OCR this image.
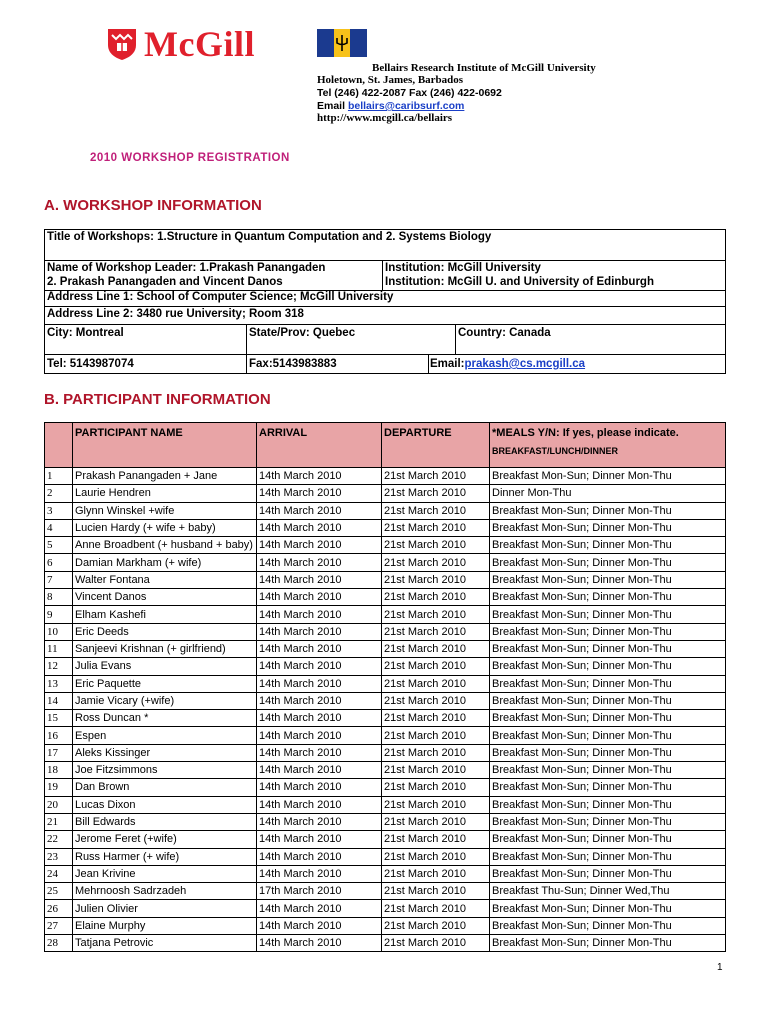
McGill
Bellairs Research Institute of McGill University
Holetown, St. James, Barbados
Tel (246) 422-2087 Fax (246) 422-0692
Email bellairs@caribsurf.com
http://www.mcgill.ca/bellairs
2010 WORKSHOP REGISTRATION
A. WORKSHOP INFORMATION
Title of Workshops: 1.Structure in Quantum Computation and 2. Systems Biology
Name of Workshop Leader: 1.Prakash Panangaden
2. Prakash Panangaden and Vincent Danos
Institution: McGill University
Institution: McGill U. and University of Edinburgh
Address Line 1: School of Computer Science; McGill University
Address Line 2: 3480 rue University; Room 318
City: Montreal	State/Prov: Quebec	Country: Canada
Tel: 5143987074	Fax:5143983883	Email:prakash@cs.mcgill.ca
B. PARTICIPANT INFORMATION
	PARTICIPANT NAME	ARRIVAL	DEPARTURE	*MEALS Y/N: If yes, please indicate.
BREAKFAST/LUNCH/DINNER

1	Prakash Panangaden + Jane	14th March 2010	21st March 2010	Breakfast Mon-Sun; Dinner Mon-Thu
2	Laurie Hendren	14th March 2010	21st March 2010	Dinner Mon-Thu
3	Glynn Winskel +wife	14th March 2010	21st March 2010	Breakfast Mon-Sun; Dinner Mon-Thu
4	Lucien Hardy (+ wife + baby)	14th March 2010	21st March 2010	Breakfast Mon-Sun; Dinner Mon-Thu
5	Anne Broadbent (+ husband + baby)	14th March 2010	21st March 2010	Breakfast Mon-Sun; Dinner Mon-Thu
6	Damian Markham (+ wife)	14th March 2010	21st March 2010	Breakfast Mon-Sun; Dinner Mon-Thu
7	Walter Fontana	14th March 2010	21st March 2010	Breakfast Mon-Sun; Dinner Mon-Thu
8	Vincent Danos	14th March 2010	21st March 2010	Breakfast Mon-Sun; Dinner Mon-Thu
9	Elham Kashefi	14th March 2010	21st March 2010	Breakfast Mon-Sun; Dinner Mon-Thu
10	Eric Deeds	14th March 2010	21st March 2010	Breakfast Mon-Sun; Dinner Mon-Thu
11	Sanjeevi Krishnan (+ girlfriend)	14th March 2010	21st March 2010	Breakfast Mon-Sun; Dinner Mon-Thu
12	Julia Evans	14th March 2010	21st March 2010	Breakfast Mon-Sun; Dinner Mon-Thu
13	Eric Paquette	14th March 2010	21st March 2010	Breakfast Mon-Sun; Dinner Mon-Thu
14	Jamie Vicary (+wife)	14th March 2010	21st March 2010	Breakfast Mon-Sun; Dinner Mon-Thu
15	Ross Duncan *	14th March 2010	21st March 2010	Breakfast Mon-Sun; Dinner Mon-Thu
16	Espen	14th March 2010	21st March 2010	Breakfast Mon-Sun; Dinner Mon-Thu
17	Aleks Kissinger	14th March 2010	21st March 2010	Breakfast Mon-Sun; Dinner Mon-Thu
18	Joe Fitzsimmons	14th March 2010	21st March 2010	Breakfast Mon-Sun; Dinner Mon-Thu
19	Dan Brown	14th March 2010	21st March 2010	Breakfast Mon-Sun; Dinner Mon-Thu
20	Lucas Dixon	14th March 2010	21st March 2010	Breakfast Mon-Sun; Dinner Mon-Thu
21	Bill Edwards	14th March 2010	21st March 2010	Breakfast Mon-Sun; Dinner Mon-Thu
22	Jerome Feret (+wife)	14th March 2010	21st March 2010	Breakfast Mon-Sun; Dinner Mon-Thu
23	Russ Harmer (+ wife)	14th March 2010	21st March 2010	Breakfast Mon-Sun; Dinner Mon-Thu
24	Jean Krivine	14th March 2010	21st March 2010	Breakfast Mon-Sun; Dinner Mon-Thu
25	Mehrnoosh Sadrzadeh	17th March 2010	21st March 2010	Breakfast Thu-Sun; Dinner Wed,Thu
26	Julien Olivier	14th March 2010	21st March 2010	Breakfast Mon-Sun; Dinner Mon-Thu
27	Elaine Murphy	14th March 2010	21st March 2010	Breakfast Mon-Sun; Dinner Mon-Thu
28	Tatjana Petrovic	14th March 2010	21st March 2010	Breakfast Mon-Sun; Dinner Mon-Thu
1
